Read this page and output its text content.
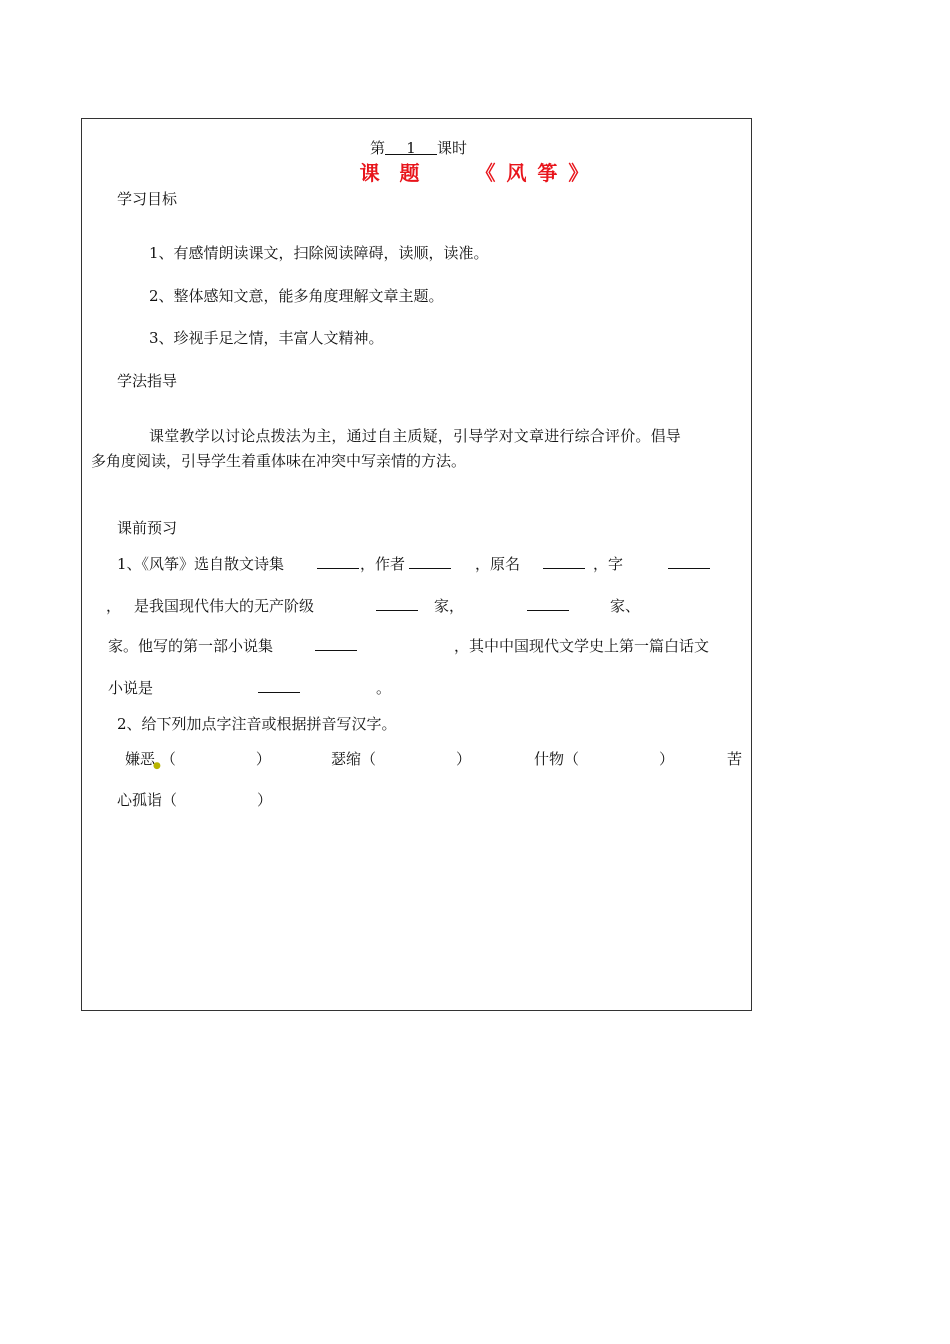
第 1 课时
课  题	《 风 筝 》
学习目标
1、有感情朗读课文，扫除阅读障碍，读顺，读准。
2、整体感知文意，能多角度理解文章主题。
3、珍视手足之情，丰富人文精神。
学法指导
课堂教学以讨论点拨法为主，通过自主质疑，引导学对文章进行综合评价。倡导
多角度阅读，引导学生着重体味在冲突中写亲情的方法。
课前预习
1、《风筝》选自散文诗集	，作者	，原名	，字
， 是我国现代伟大的无产阶级	家，	家、
家。他写的第一部小说集	，其中中国现代文学史上第一篇白话文
小说是	。
2、给下列加点字注音或根据拼音写汉字。
嫌恶$_●$（	）	瑟缩（	）	什物（	）	苦
心孤诣（	）
